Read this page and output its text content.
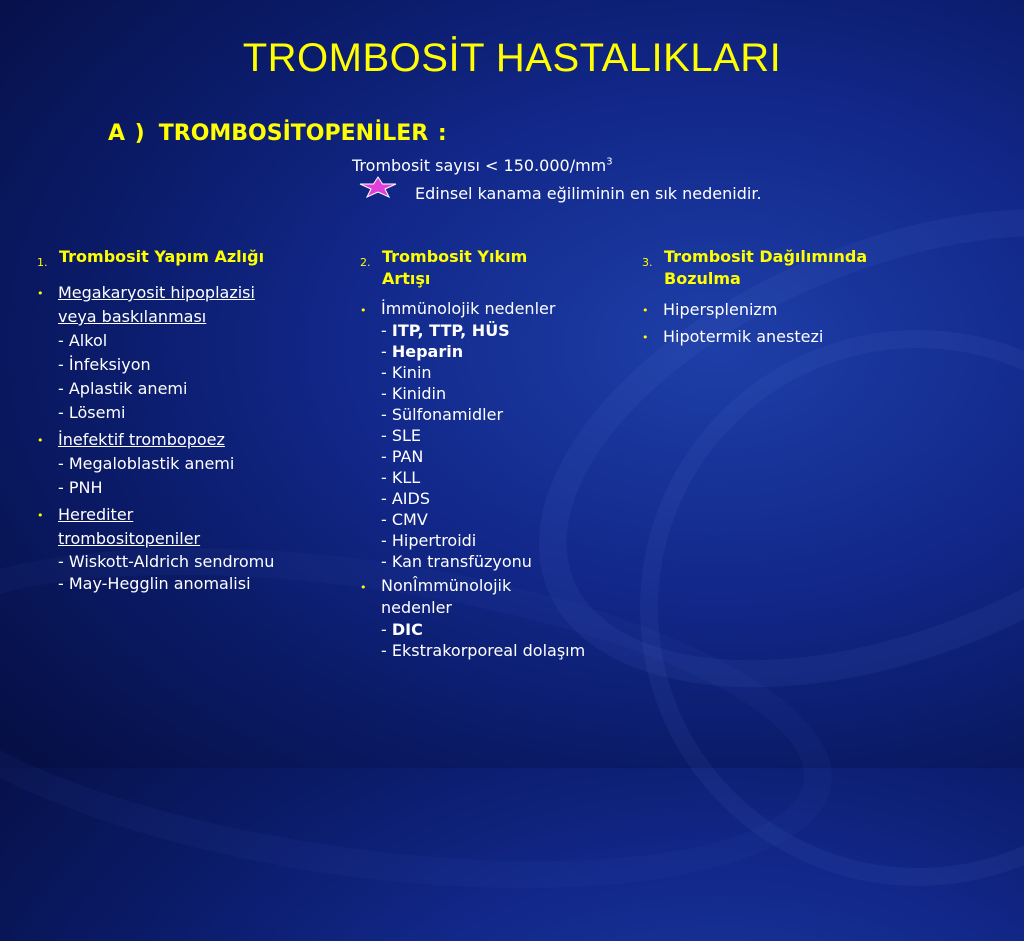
TROMBOSİT HASTALIKLARI
A ) TROMBOSİTOPENİLER :
Trombosit sayısı < $150.000/mm^3$
Edinsel kanama eğiliminin en sık nedenidir.
1. Trombosit Yapım Azlığı
• Megakaryosit hipoplazisi
veya baskılanması
- Alkol
- İnfeksiyon
- Aplastik anemi
- Lösemi
• İnefektif trombopoez
- Megaloblastik anemi
- PNH
• Herediter
trombositopeniler
- Wiskott-Aldrich sendromu
- May-Hegglin anomalisi
2. Trombosit Yıkım
Artışı
• İmmünolojik nedenler
- ITP, TTP, HÜS
- Heparin
- Kinin
- Kinidin
- Sülfonamidler
- SLE
- PAN
- KLL
- AIDS
- CMV
- Hipertroidi
- Kan transfüzyonu
• NonÎmmünolojik
nedenler
- DIC
- Ekstrakorporeal dolaşım
3. Trombosit Dağılımında
Bozulma
• Hipersplenizm
• Hipotermik anestezi
